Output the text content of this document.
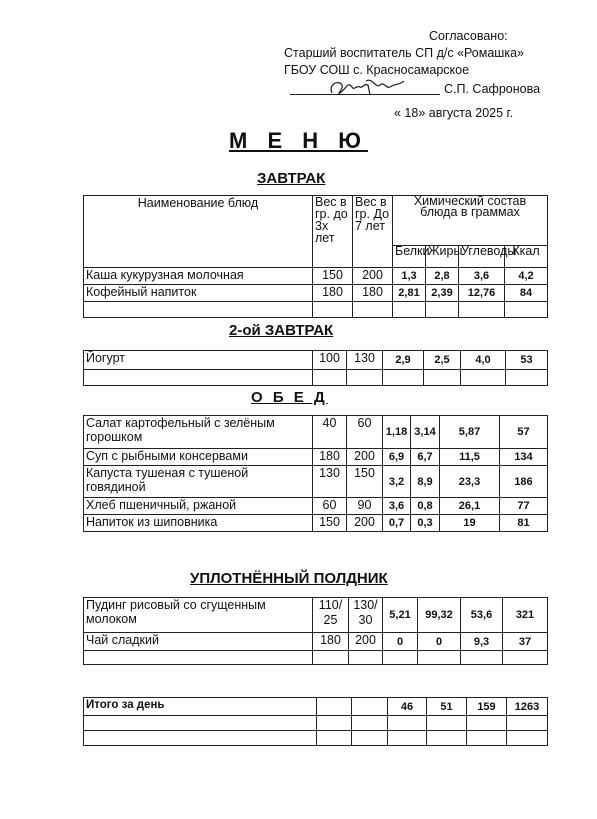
Согласовано:
Старший воспитатель СП д/с «Ромашка»
ГБОУ СОШ с. Красносамарское
С.П. Сафронова
« 18» августа 2025 г.
М Е Н Ю
ЗАВТРАК
Наименование блюд	Вес в гр. до 3х лет	Вес в гр. До 7 лет	Химический состав блюда в граммах			
			Белки	Жиры	Углеводы	Ккал
Каша кукурузная молочная	150	200	1,3	2,8	3,6	4,2
Кофейный напиток	180	180	2,81	2,39	12,76	84

2-ой ЗАВТРАК
Йогурт	100	130	2,9	2,5	4,0	53

О Б Е Д
Салат картофельный с зелёным горошком	40	60	1,18	3,14	5,87	57
Суп с рыбными консервами	180	200	6,9	6,7	11,5	134
Капуста тушеная с тушеной говядиной	130	150	3,2	8,9	23,3	186
Хлеб пшеничный, ржаной	60	90	3,6	0,8	26,1	77
Напиток из шиповника	150	200	0,7	0,3	19	81
УПЛОТНЁННЫЙ ПОЛДНИК
Пудинг рисовый со сгущенным молоком	110/ 25	130/ 30	5,21	99,32	53,6	321
Чай сладкий	180	200	0	0	9,3	37

Итого за день			46	51	159	1263
